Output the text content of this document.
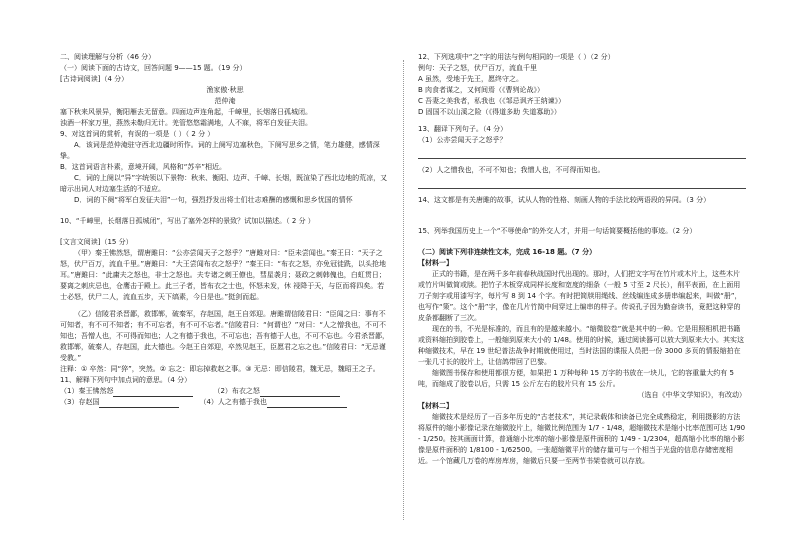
二、阅读理解与分析（46 分）

（一）阅读下面的古诗文，回答问题 9——15 题。（19 分）

[古诗词阅读]（4 分）

渔家傲·秋思

范仲淹

塞下秋来风景异，衡阳雁去无留意。四面边声连角起，千嶂里，长烟落日孤城闭。

浊酒一杯家万里，燕然未勒归无计。羌管悠悠霜满地，人不寐，将军白发征夫泪。

9、对这首词的赏析，有误的一项是（ ）（ 2 分 ）

A．该词是范仲淹驻守西北边疆时所作。词的上阕写边塞秋色，下阕写思乡之情，笔力雄健，感情深挚。

B．这首词语言朴素，意境开阔，风格和“苏辛”相近。

C．词的上阕以“异”字统领以下景物：秋来、衡阳、边声、千嶂、长烟，既渲染了西北边地的荒凉，又暗示出词人对边塞生活的不适应。

D．词的下阕“将军白发征夫泪”一句，强烈抒发出将士们壮志难酬的感慨和思乡忧国的情怀

10、“千嶂里，长烟落日孤城闭”，写出了塞外怎样的景致？试加以描述。（ 2 分 ）

[文言文阅读]（15 分）

（甲）秦王怫然怒，谓唐雎曰：“公亦尝闻天子之怒乎？”唐雎对曰：“臣未尝闻也。”秦王曰：“天子之怒，伏尸百万，流血千里。”唐雎曰：“大王尝闻布衣之怒乎？”秦王曰：“布衣之怒，亦免冠徒跣，以头抢地耳。”唐雎曰：“此庸夫之怒也，非士之怒也。夫专诸之刺王僚也，彗星袭月；聂政之刺韩傀也，白虹贯日；要离之刺庆忌也，仓鹰击于殿上。此三子者，皆布衣之士也，怀怒未发，休 祲降于天，与臣而将四矣。若士必怒，伏尸二人，流血五步，天下缟素，今日是也。”挺剑而起。

（乙）信陵君杀晋鄙，救邯郸，破秦军，存赵国，赵王自郊迎。唐雎谓信陵君曰：“臣闻之曰：事有不可知者，有不可不知者；有不可忘者，有不可不忘者。”信陵君曰：“何谓也？”对曰：“人之憎我也，不可不知也；吾憎人也，不可得而知也；人之有德于我也，不可忘也；吾有德于人也，不可不忘也。今君杀晋鄙，救邯郸，破秦人，存赵国，此大德也。今赵王自郊迎，卒然见赵王，臣愿君之忘之也。”信陵君曰：“无忌谨受教。”

注释：① 卒然：同“猝”，突然。② 忘之：即忘掉救赵之事。③ 无忌：即信陵君，魏无忌，魏昭王之子。

11、解释下列句中加点词的意思。（4 分）

（1）秦王怫然怒	（2）布衣之怒
（3）存赵国	（4）人之有德于我也

12、下列选项中“之”字的用法与例句相同的一项是（ ）（2 分）

例句：天子之怒，伏尸百万，流血千里

A 虽然，受地于先王，愿终守之。

B 肉食者谋之，又何间焉（《曹刿论战》）

C 吾妻之美我者，私我也（《邹忌讽齐王纳谏》）

D 固国不以山溪之险（《得道多助 失道寡助》）

13、翻译下列句子。（4 分）

（1）公亦尝闻天子之怒乎？

（2）人之憎我也，不可不知也；我憎人也，不可得而知也。

14、这文都是有关唐雎的故事，试从人物的性格、刻画人物的手法比较两语段的异同。（3 分）

15、列举我国历史上一个“不辱使命”的外交人才，并用一句话简要概括他的事迹。（2 分）

（二）阅读下列非连续性文本，完成 16-18 题。（7 分）

【材料一】

正式的书籍，是在两千多年前春秋战国时代出现的。那时，人们把文字写在竹片或木片上，这些木片或竹片叫做简或牍。把竹子木板穿成同样长度和宽度的细条（一般 5 寸至 2 尺长），削平表面，在上面用刀子刻字或用漆写字，每片写 8 到 14 个字。有时把简牍用绳线、丝线编连成多册串编起来，叫做“册”，也写作“策”。这个“册”字，像在几片竹简中间穿过上编串的样子。传说孔子因为勤奋读书，竟把这种穿的皮条都翻断了三次。

现在的书，不光是标准的，而且有的是越来越小。“缩微胶卷”就是其中的一种。它是用照相机把书籍或资料缩拍到胶卷上，一般缩到原来大小的 1/48。使用的时候，通过阅读器可以放大到原来大小。其实这种缩微技术，早在 19 世纪普法战争时期就使用过，当时法国的谍报人员把一份 3000 多页的情报缩拍在一张几寸长的胶片上，让信鸽带回了巴黎。

缩微图书保存和使用都很方便，如果把 1 万种每种 15 万字的书放在一块儿，它的容重量大约有 5 吨，而缩成了胶卷以后，只需 15 公斤左右的胶片只有 15 公斤。

（选自《中华文学知识》，有改动）

【材料二】

缩微技术是经历了一百多年历史的“古老技术”，其记录载体和读备已完全成熟稳定，利用摄影的方法将原件的缩小影像记录在缩微胶片上，缩微比例范围为 1/7 - 1/48，超缩微技术是缩小比率范围可达 1/90 - 1/250。按其画面计算，普通缩小比率的缩小影像是原件面积的 1/49 - 1/2304，超高缩小比率的缩小影像是原件面积的 1/8100 - 1/62500。一张超缩微平片的储存量可与一个相当于光盘的信息存储密度相近。一个馆藏几万卷的库房库房，缩微后只要一至两节书架卷就可以存放。
